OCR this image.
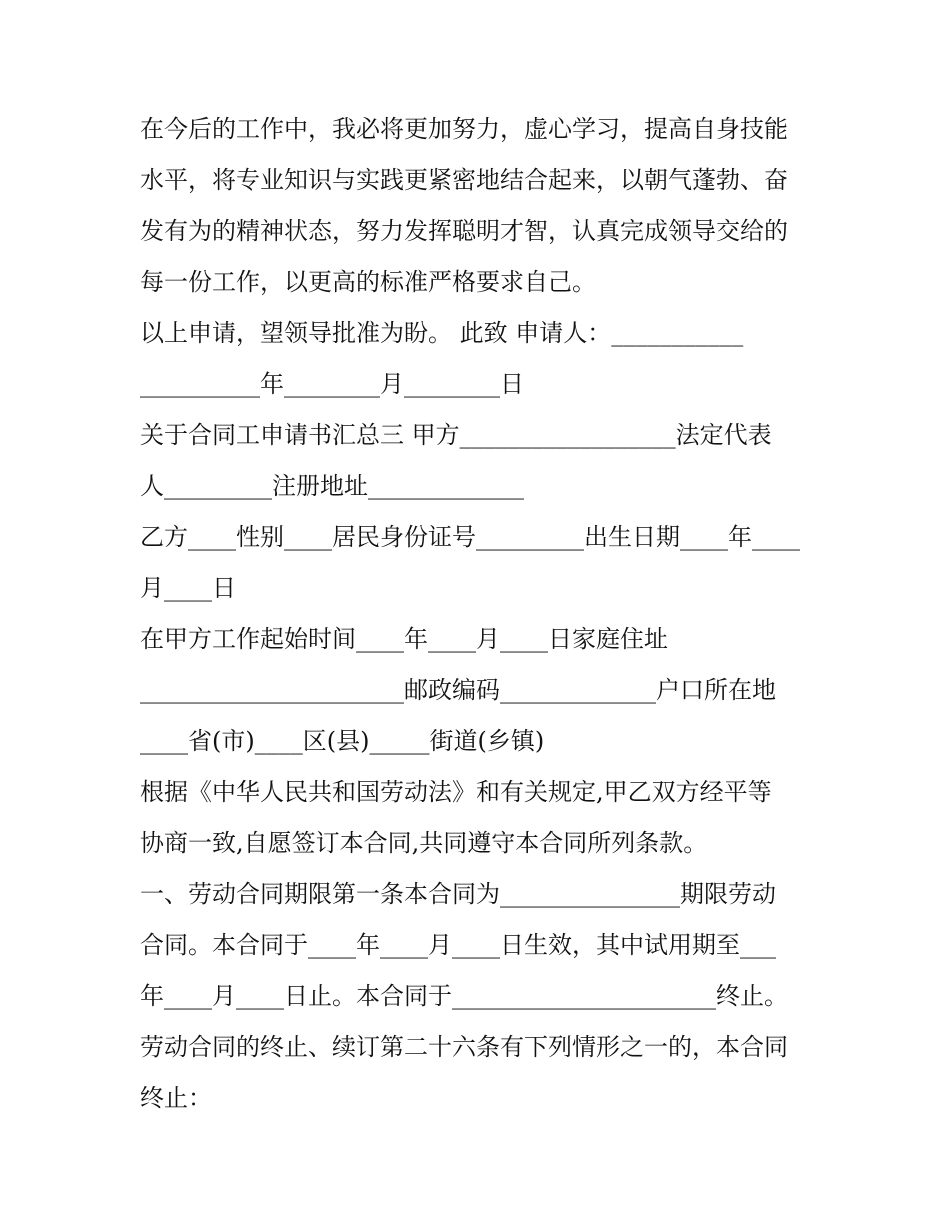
在今后的工作中，我必将更加努力，虚心学习，提高自身技能

水平，将专业知识与实践更紧密地结合起来，以朝气蓬勃、奋

发有为的精神状态，努力发挥聪明才智，认真完成领导交给的

每一份工作，以更高的标准严格要求自己。

以上申请，望领导批准为盼。 此致 申请人：___________

__________年________月________日

关于合同工申请书汇总三 甲方__________________法定代表

人_________注册地址_____________

乙方____性别____居民身份证号_________出生日期____年____

月____日

在甲方工作起始时间____年____月____日家庭住址

______________________邮政编码_____________户口所在地

____省(市)____区(县)_____街道(乡镇)

根据《中华人民共和国劳动法》和有关规定,甲乙双方经平等

协商一致,自愿签订本合同,共同遵守本合同所列条款。

一、劳动合同期限第一条本合同为_______________期限劳动

合同。本合同于____年____月____日生效，其中试用期至___

年____月____日止。本合同于______________________终止。

劳动合同的终止、续订第二十六条有下列情形之一的，本合同

终止：
